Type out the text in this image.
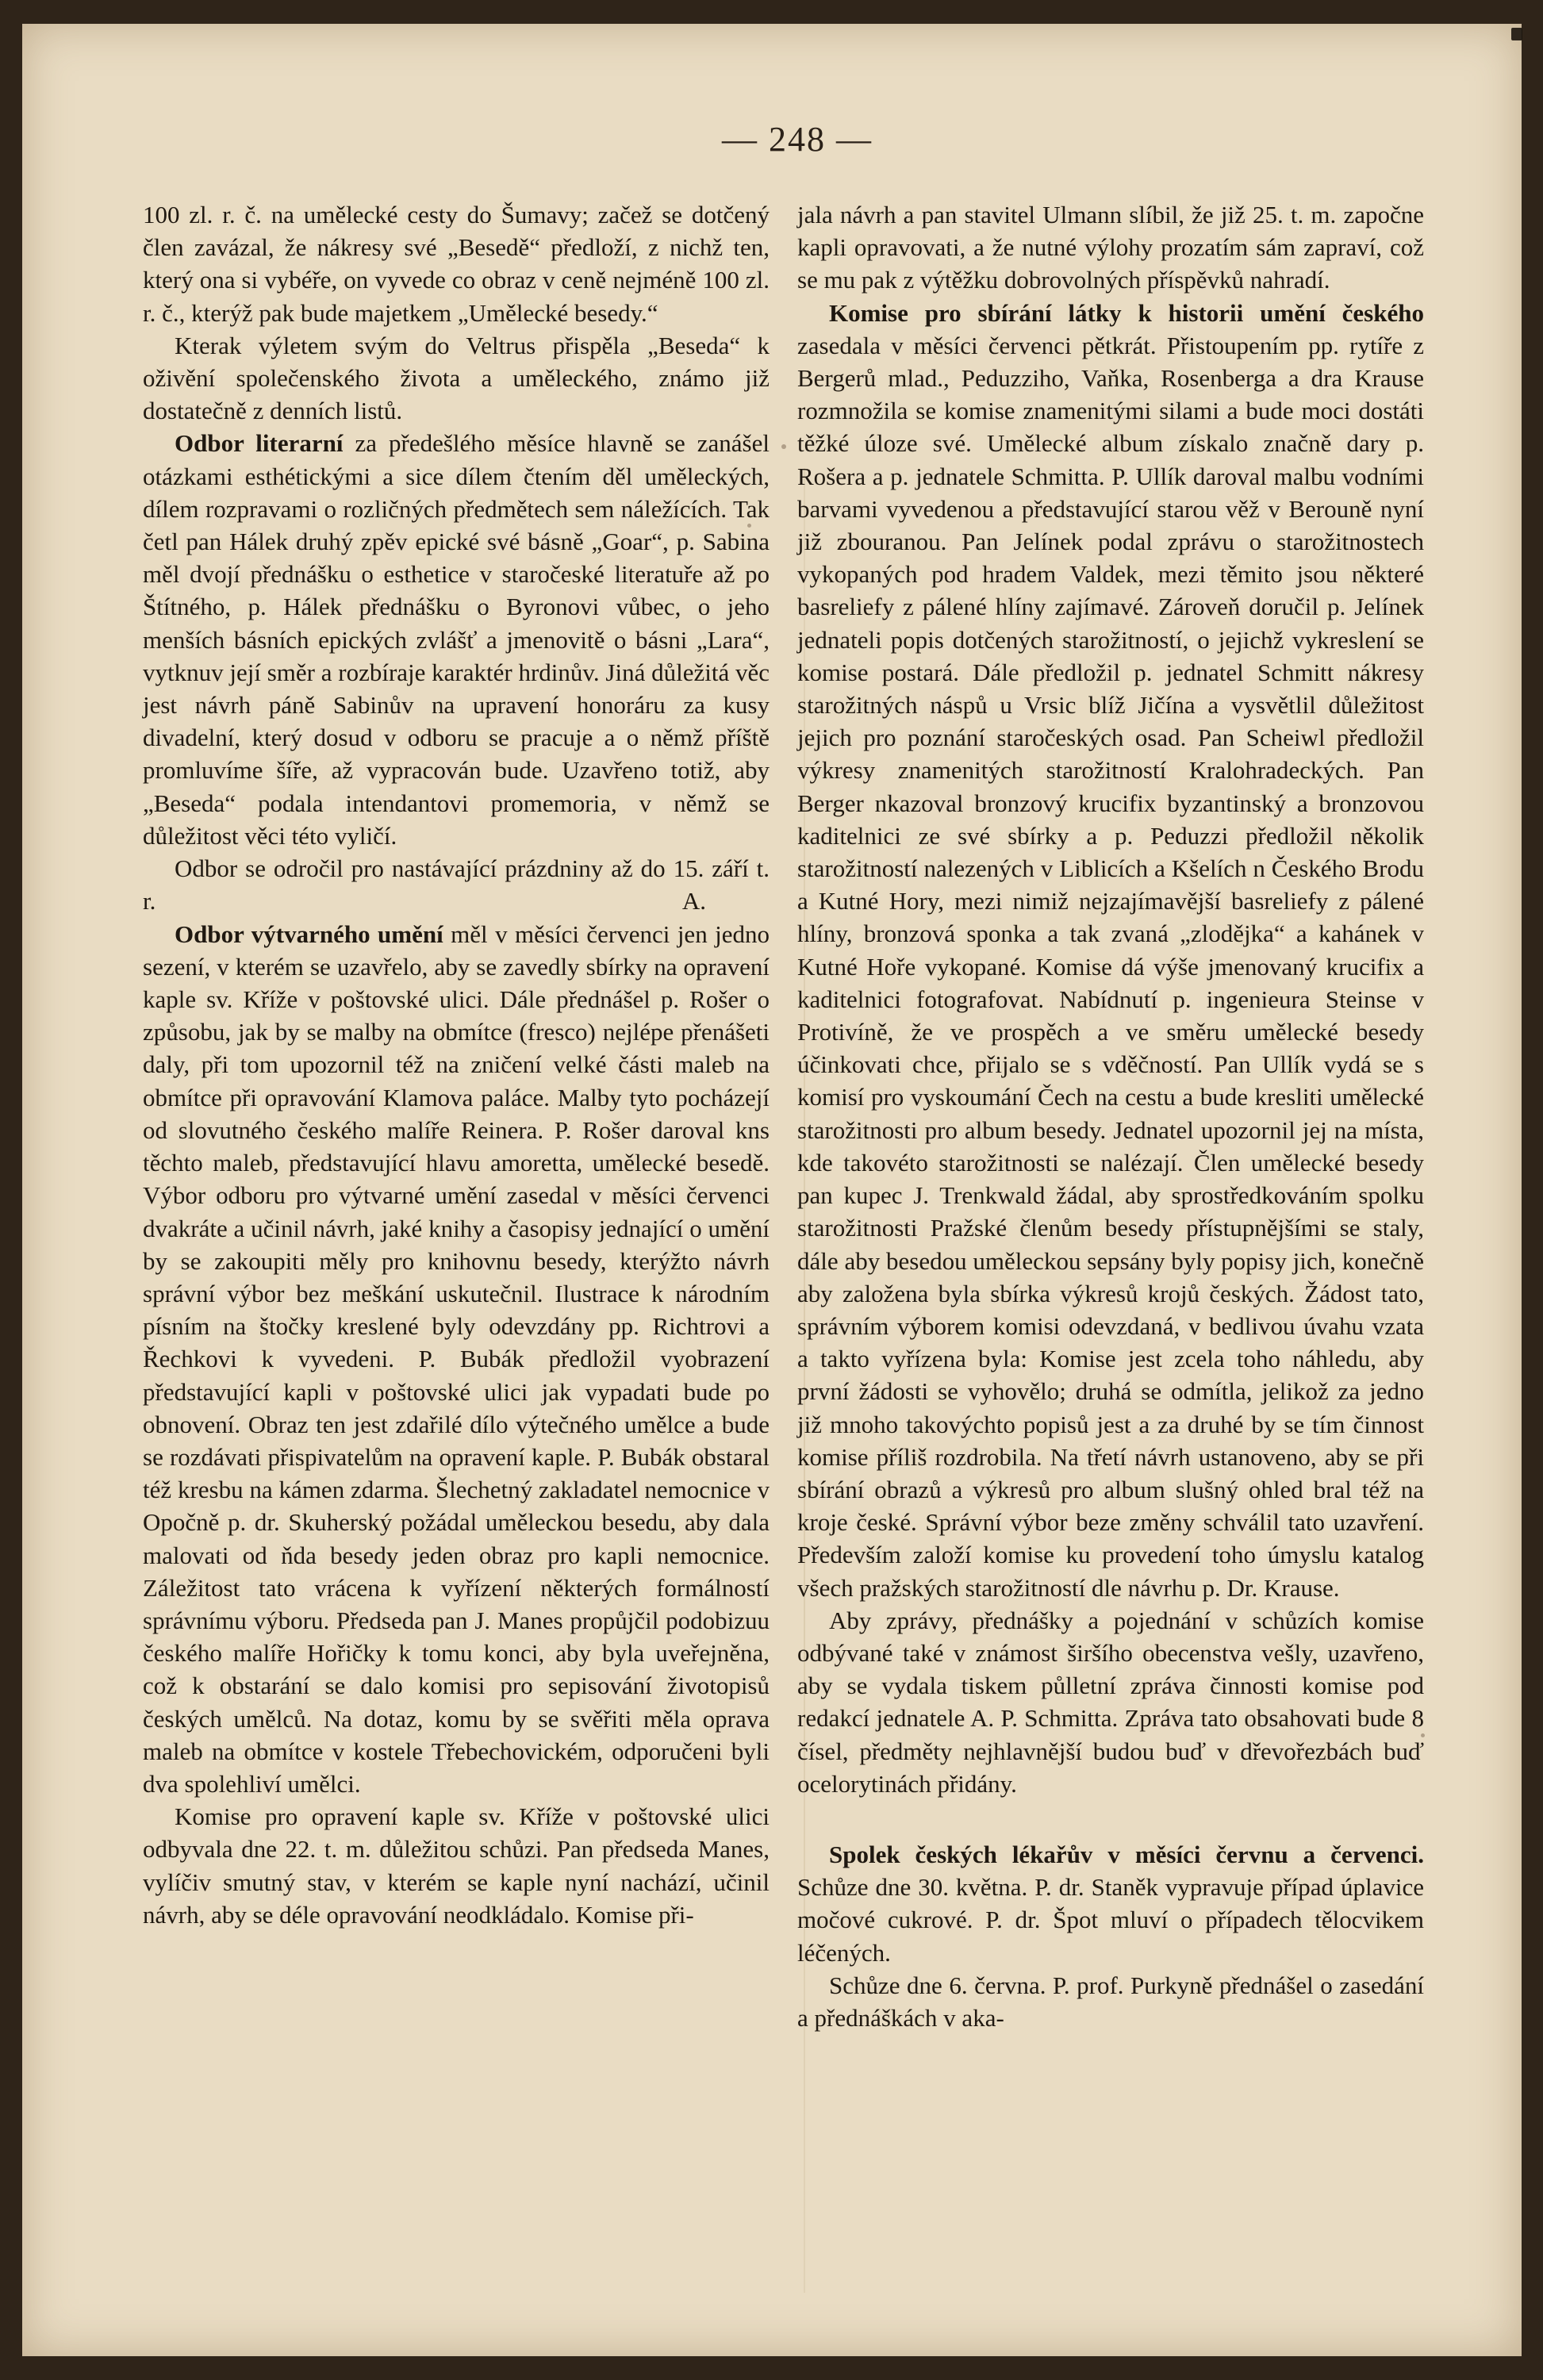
— 248 —

100 zl. r. č. na umělecké cesty do Šumavy; začež se dotčený člen zavázal, že nákresy své „Besedě“ předloží, z nichž ten, který ona si vybéře, on vyvede co obraz v ceně nejméně 100 zl. r. č., kterýž pak bude majetkem „Umělecké besedy.“

Kterak výletem svým do Veltrus přispěla „Beseda“ k oživění společenského života a uměleckého, známo již dostatečně z denních listů.

Odbor literarní za předešlého měsíce hlavně se zanášel otázkami esthétickými a sice dílem čtením děl uměleckých, dílem rozpravami o rozličných předmětech sem náležících. Tak četl pan Hálek druhý zpěv epické své básně „Goar“, p. Sabina měl dvojí přednášku o esthetice v staročeské literatuře až po Štítného, p. Hálek přednášku o Byronovi vůbec, o jeho menších básních epických zvlášť a jmenovitě o básni „Lara“, vytknuv její směr a rozbíraje karaktér hrdinův. Jiná důležitá věc jest návrh páně Sabinův na upravení honoráru za kusy divadelní, který dosud v odboru se pracuje a o němž příště promluvíme šíře, až vypracován bude. Uzavřeno totiž, aby „Beseda“ podala intendantovi promemoria, v němž se důležitost věci této vyličí.

Odbor se odročil pro nastávající prázdniny až do 15. září t. r.	A.

Odbor výtvarného umění měl v měsíci červenci jen jedno sezení, v kterém se uzavřelo, aby se zavedly sbírky na opravení kaple sv. Kříže v poštovské ulici. Dále přednášel p. Rošer o způsobu, jak by se malby na obmítce (fresco) nejlépe přenášeti daly, při tom upozornil též na zničení velké části maleb na obmítce při opravování Klamova paláce. Malby tyto pocházejí od slovutného českého malíře Reinera. P. Rošer daroval kns těchto maleb, představující hlavu amoretta, umělecké besedě. Výbor odboru pro výtvarné umění zasedal v měsíci červenci dvakráte a učinil návrh, jaké knihy a časopisy jednající o umění by se zakoupiti měly pro knihovnu besedy, kterýžto návrh správní výbor bez meškání uskutečnil. Ilustrace k národním písním na štočky kreslené byly odevzdány pp. Richtrovi a Řechkovi k vyvedeni. P. Bubák předložil vyobrazení představující kapli v poštovské ulici jak vypadati bude po obnovení. Obraz ten jest zdařilé dílo výtečného umělce a bude se rozdávati přispivatelům na opravení kaple. P. Bubák obstaral též kresbu na kámen zdarma. Šlechetný zakladatel nemocnice v Opočně p. dr. Skuherský požádal uměleckou besedu, aby dala malovati od ňda besedy jeden obraz pro kapli nemocnice. Záležitost tato vrácena k vyřízení některých formálností správnímu výboru. Předseda pan J. Manes propůjčil podobizuu českého malíře Hořičky k tomu konci, aby byla uveřejněna, což k obstarání se dalo komisi pro sepisování životopisů českých umělců. Na dotaz, komu by se svěřiti měla oprava maleb na obmítce v kostele Třebechovickém, odporučeni byli dva spolehliví umělci.

Komise pro opravení kaple sv. Kříže v poštovské ulici odbyvala dne 22. t. m. důležitou schůzi. Pan předseda Manes, vylíčiv smutný stav, v kterém se kaple nyní nachází, učinil návrh, aby se déle opravování neodkládalo. Komise při-

jala návrh a pan stavitel Ulmann slíbil, že již 25. t. m. započne kapli opravovati, a že nutné výlohy prozatím sám zapraví, což se mu pak z výtěžku dobrovolných příspěvků nahradí.

Komise pro sbírání látky k historii umění českého zasedala v měsíci červenci pětkrát. Přistoupením pp. rytíře z Bergerů mlad., Peduzziho, Vaňka, Rosenberga a dra Krause rozmnožila se komise znamenitými silami a bude moci dostáti těžké úloze své. Umělecké album získalo značně dary p. Rošera a p. jednatele Schmitta. P. Ullík daroval malbu vodními barvami vyvedenou a představující starou věž v Berouně nyní již zbouranou. Pan Jelínek podal zprávu o starožitnostech vykopaných pod hradem Valdek, mezi těmito jsou některé basreliefy z pálené hlíny zajímavé. Zároveň doručil p. Jelínek jednateli popis dotčených starožitností, o jejichž vykreslení se komise postará. Dále předložil p. jednatel Schmitt nákresy starožitných náspů u Vrsic blíž Jičína a vysvětlil důležitost jejich pro poznání staročeských osad. Pan Scheiwl předložil výkresy znamenitých starožitností Kralohradeckých. Pan Berger nkazoval bronzový krucifix byzantinský a bronzovou kaditelnici ze své sbírky a p. Peduzzi předložil několik starožitností nalezených v Liblicích a Kšelích n Českého Brodu a Kutné Hory, mezi nimiž nejzajímavější basreliefy z pálené hlíny, bronzová sponka a tak zvaná „zlodějka“ a kahánek v Kutné Hoře vykopané. Komise dá výše jmenovaný krucifix a kaditelnici fotografovat. Nabídnutí p. ingenieura Steinse v Protivíně, že ve prospěch a ve směru umělecké besedy účinkovati chce, přijalo se s vděčností. Pan Ullík vydá se s komisí pro vyskoumání Čech na cestu a bude kresliti umělecké starožitnosti pro album besedy. Jednatel upozornil jej na místa, kde takovéto starožitnosti se nalézají. Člen umělecké besedy pan kupec J. Trenkwald žádal, aby sprostředkováním spolku starožitnosti Pražské členům besedy přístupnějšími se staly, dále aby besedou uměleckou sepsány byly popisy jich, konečně aby založena byla sbírka výkresů krojů českých. Žádost tato, správním výborem komisi odevzdaná, v bedlivou úvahu vzata a takto vyřízena byla: Komise jest zcela toho náhledu, aby první žádosti se vyhovělo; druhá se odmítla, jelikož za jedno již mnoho takovýchto popisů jest a za druhé by se tím činnost komise příliš rozdrobila. Na třetí návrh ustanoveno, aby se při sbírání obrazů a výkresů pro album slušný ohled bral též na kroje české. Správní výbor beze změny schválil tato uzavření. Především založí komise ku provedení toho úmyslu katalog všech pražských starožitností dle návrhu p. Dr. Krause.

Aby zprávy, přednášky a pojednání v schůzích komise odbývané také v známost širšího obecenstva vešly, uzavřeno, aby se vydala tiskem půlletní zpráva činnosti komise pod redakcí jednatele A. P. Schmitta. Zpráva tato obsahovati bude 8 čísel, předměty nejhlavnější budou buď v dřevořezbách buď ocelorytinách přidány.

Spolek českých lékařův v měsíci červnu a červenci. Schůze dne 30. května. P. dr. Staněk vypravuje případ úplavice močové cukrové. P. dr. Špot mluví o případech tělocvikem léčených.

Schůze dne 6. června. P. prof. Purkyně přednášel o zasedání a přednáškách v aka-
